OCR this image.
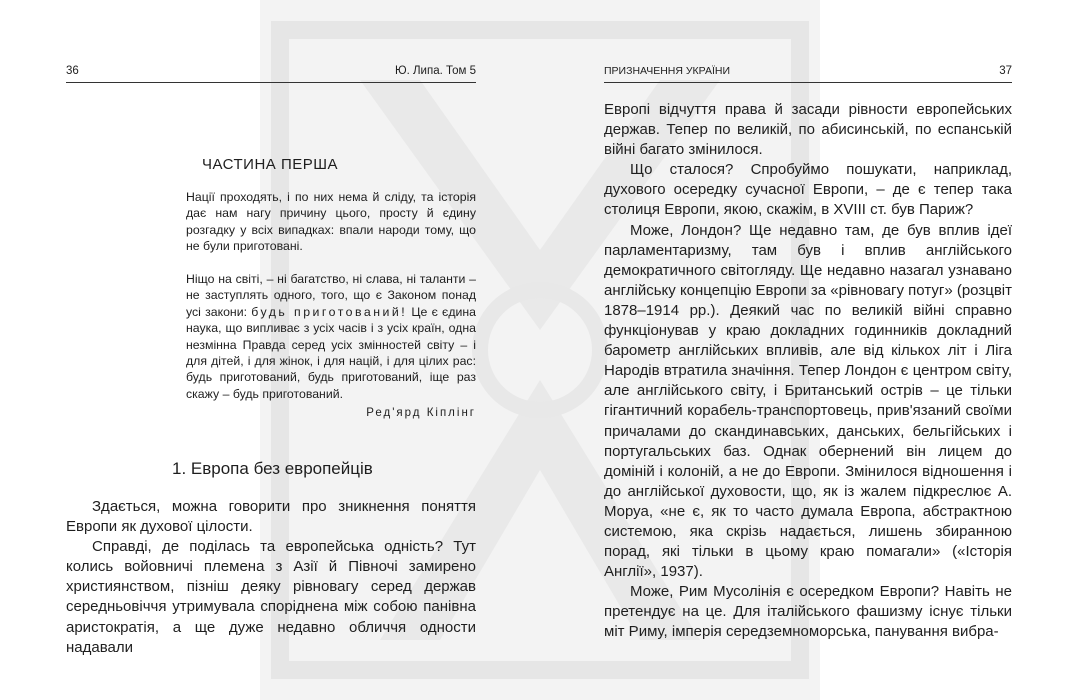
36	Ю. Липа. Том 5
ЧАСТИНА ПЕРША
Нації проходять, і по них нема й сліду, та історія дає нам нагу причину цього, просту й єдину розгадку у всіх випадках: впали народи тому, що не були приготовані.
Ніщо на світі, – ні багатство, ні слава, ні таланти – не заступлять одного, того, що є Законом понад усі закони: будь приготований! Це є єдина наука, що випливає з усіх часів і з усіх країн, одна незмінна Правда серед усіх змінностей світу – і для дітей, і для жінок, і для націй, і для цілих рас: будь приготований, будь приготований, іще раз скажу – будь приготований.
Ред'ярд Кіплінг
1. Европа без европейців

Здається, можна говорити про зникнення поняття Европи як духової цілости.

Справді, де поділась та европейська одність? Тут колись войовничі племена з Азії й Півночі замирено християнством, пізніш деяку рівновагу серед держав середньовіччя утримувала споріднена між собою панівна аристократія, а ще дуже недавно обличчя одности надавали

ПРИЗНАЧЕННЯ УКРАЇНИ	37

Европі відчуття права й засади рівности европейських держав. Тепер по великій, по абисинській, по еспанській війні багато змінилося.

Що сталося? Спробуймо пошукати, наприклад, духового осередку сучасної Европи, – де є тепер така столиця Европи, якою, скажім, в XVIII ст. був Париж?

Може, Лондон? Ще недавно там, де був вплив ідеї парламентаризму, там був і вплив англійського демократичного світогляду. Ще недавно назагал узнавано англійську концепцію Европи за «рівновагу потуг» (розцвіт 1878–1914 рр.). Деякий час по великій війні справно функціонував у краю докладних годинників докладний барометр англійських впливів, але від кількох літ і Ліга Народів втратила значіння. Тепер Лондон є центром світу, але англійського світу, і Британський острів – це тільки гігантичний корабель-транспортовець, прив'язаний своїми причалами до скандинавських, данських, бельгійських і португальських баз. Однак обернений він лицем до доміній і колоній, а не до Европи. Змінилося відношення і до англійської духовости, що, як із жалем підкреслює А. Моруа, «не є, як то часто думала Европа, абстрактною системою, яка скрізь надається, лишень збиранною порад, які тільки в цьому краю помагали» («Історія Англії», 1937).

Може, Рим Мусолінія є осередком Европи? Навіть не претендує на це. Для італійського фашизму існує тільки міт Риму, імперія середземноморська, панування вибра-
